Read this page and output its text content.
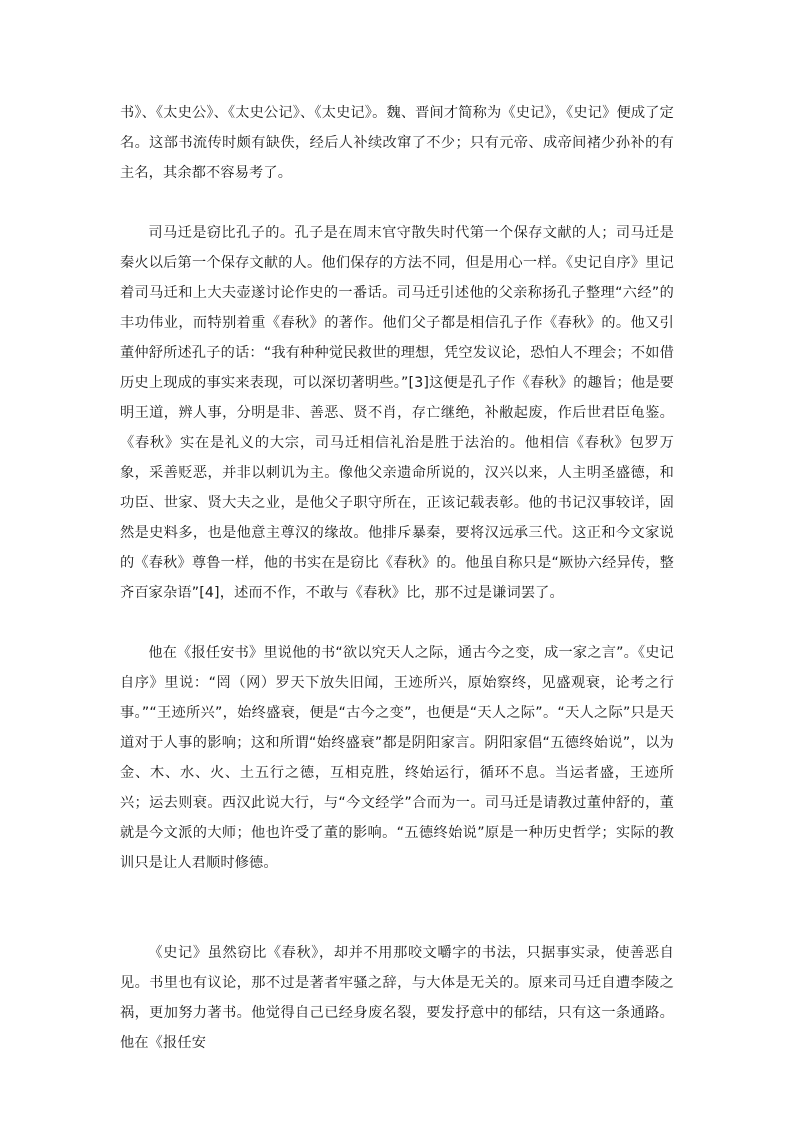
书》、《太史公》、《太史公记》、《太史记》。魏、晋间才简称为《史记》，《史记》便成了定名。这部书流传时颇有缺佚，经后人补续改窜了不少；只有元帝、成帝间褚少孙补的有主名，其余都不容易考了。

司马迁是窃比孔子的。孔子是在周末官守散失时代第一个保存文献的人；司马迁是秦火以后第一个保存文献的人。他们保存的方法不同，但是用心一样。《史记自序》里记着司马迁和上大夫壶遂讨论作史的一番话。司马迁引述他的父亲称扬孔子整理“六经”的丰功伟业，而特别着重《春秋》的著作。他们父子都是相信孔子作《春秋》的。他又引董仲舒所述孔子的话：“我有种种觉民救世的理想，凭空发议论，恐怕人不理会；不如借历史上现成的事实来表现，可以深切著明些。”[3]这便是孔子作《春秋》的趣旨；他是要明王道，辨人事，分明是非、善恶、贤不肖，存亡继绝，补敝起废，作后世君臣龟鉴。《春秋》实在是礼义的大宗，司马迁相信礼治是胜于法治的。他相信《春秋》包罗万象，采善贬恶，并非以刺讥为主。像他父亲遗命所说的，汉兴以来，人主明圣盛德，和功臣、世家、贤大夫之业，是他父子职守所在，正该记载表彰。他的书记汉事较详，固然是史料多，也是他意主尊汉的缘故。他排斥暴秦，要将汉远承三代。这正和今文家说的《春秋》尊鲁一样，他的书实在是窃比《春秋》的。他虽自称只是“厥协六经异传，整齐百家杂语”[4]，述而不作，不敢与《春秋》比，那不过是谦词罢了。

他在《报任安书》里说他的书“欲以究天人之际，通古今之变，成一家之言”。《史记自序》里说：“罔（网）罗天下放失旧闻，王迹所兴，原始察终，见盛观衰，论考之行事。”“王迹所兴”，始终盛衰，便是“古今之变”，也便是“天人之际”。“天人之际”只是天道对于人事的影响；这和所谓“始终盛衰”都是阴阳家言。阴阳家倡“五德终始说”，以为金、木、水、火、土五行之德，互相克胜，终始运行，循环不息。当运者盛，王迹所兴；运去则衰。西汉此说大行，与“今文经学”合而为一。司马迁是请教过董仲舒的，董就是今文派的大师；他也许受了董的影响。“五德终始说”原是一种历史哲学；实际的教训只是让人君顺时修德。

《史记》虽然窃比《春秋》，却并不用那咬文嚼字的书法，只据事实录，使善恶自见。书里也有议论，那不过是著者牢骚之辞，与大体是无关的。原来司马迁自遭李陵之祸，更加努力著书。他觉得自己已经身废名裂，要发抒意中的郁结，只有这一条通路。他在《报任安
